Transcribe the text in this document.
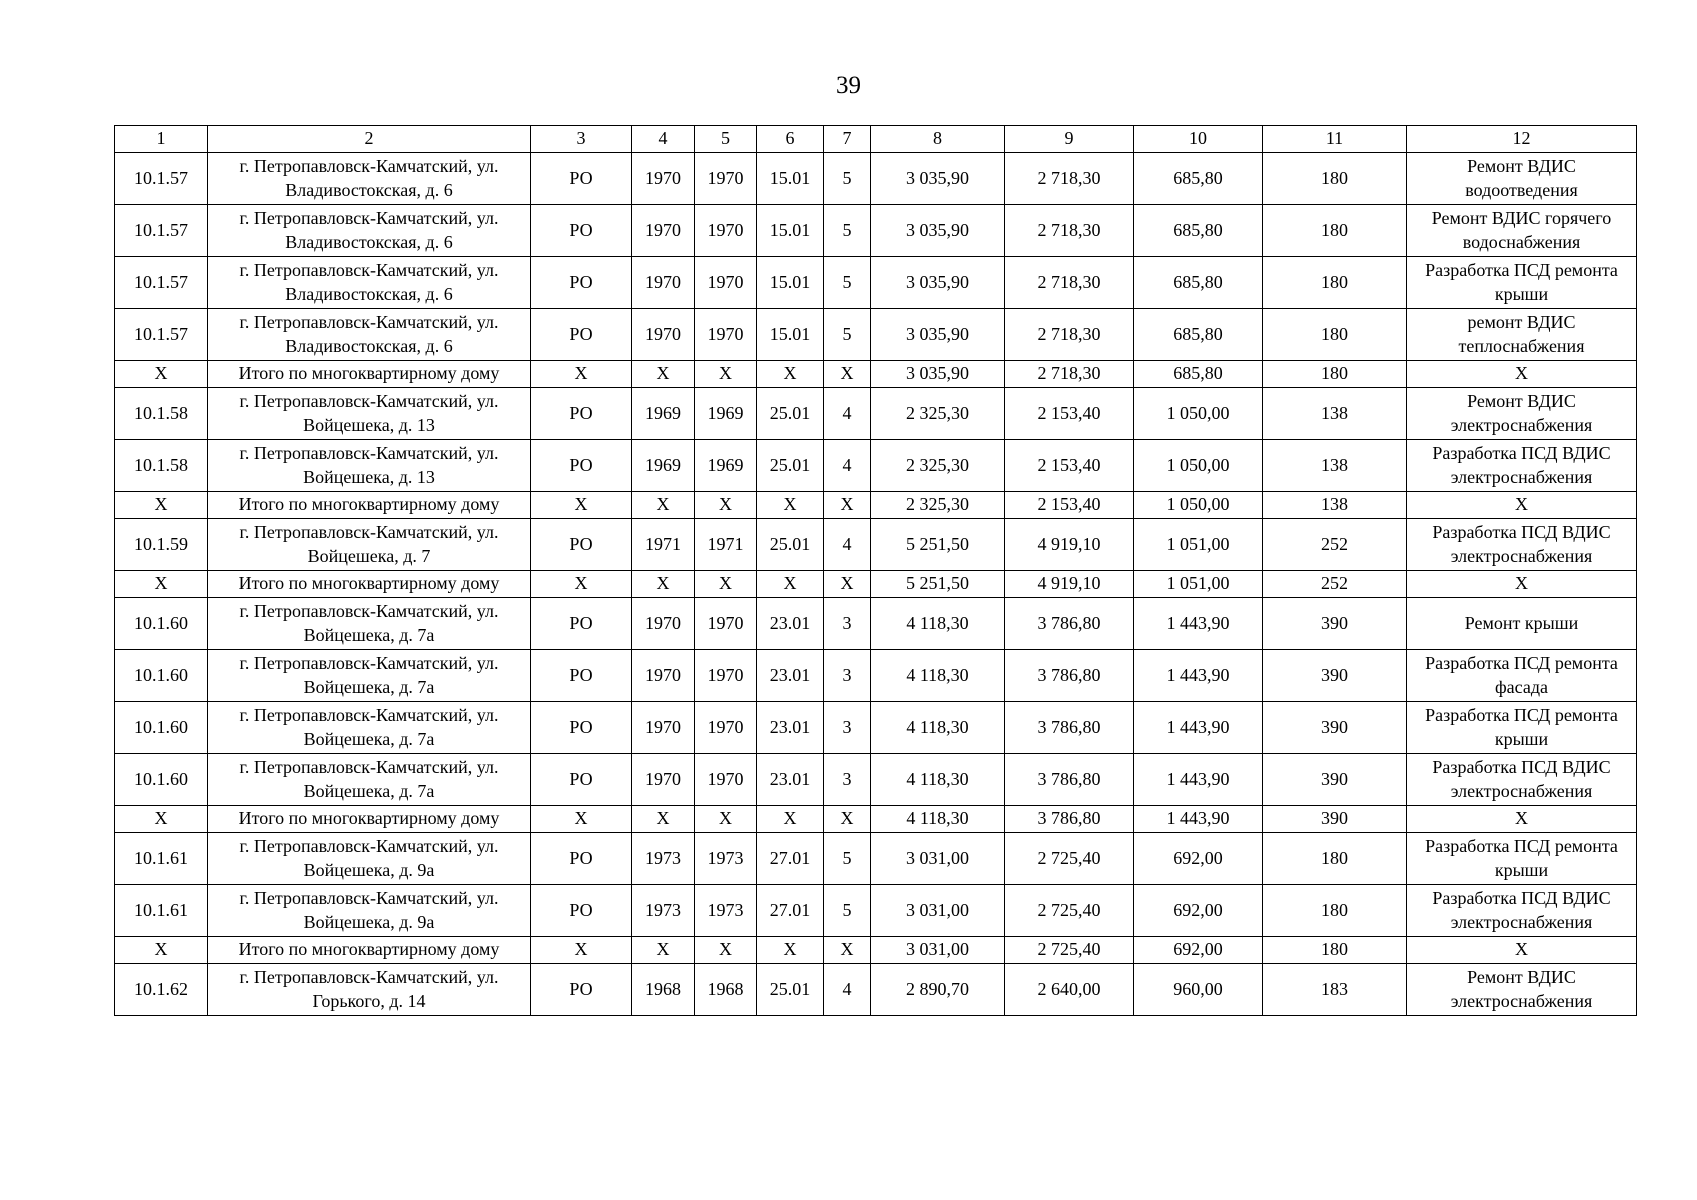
39
1	2	3	4	5	6	7	8	9	10	11	12
10.1.57	г. Петропавловск-Камчатский, ул. Владивостокская, д. 6	РО	1970	1970	15.01	5	3 035,90	2 718,30	685,80	180	Ремонт ВДИС водоотведения
10.1.57	г. Петропавловск-Камчатский, ул. Владивостокская, д. 6	РО	1970	1970	15.01	5	3 035,90	2 718,30	685,80	180	Ремонт ВДИС горячего водоснабжения
10.1.57	г. Петропавловск-Камчатский, ул. Владивостокская, д. 6	РО	1970	1970	15.01	5	3 035,90	2 718,30	685,80	180	Разработка ПСД ремонта крыши
10.1.57	г. Петропавловск-Камчатский, ул. Владивостокская, д. 6	РО	1970	1970	15.01	5	3 035,90	2 718,30	685,80	180	ремонт ВДИС теплоснабжения
X	Итого по многоквартирному дому	X	X	X	X	X	3 035,90	2 718,30	685,80	180	X
10.1.58	г. Петропавловск-Камчатский, ул. Войцешека, д. 13	РО	1969	1969	25.01	4	2 325,30	2 153,40	1 050,00	138	Ремонт ВДИС электроснабжения
10.1.58	г. Петропавловск-Камчатский, ул. Войцешека, д. 13	РО	1969	1969	25.01	4	2 325,30	2 153,40	1 050,00	138	Разработка ПСД ВДИС электроснабжения
X	Итого по многоквартирному дому	X	X	X	X	X	2 325,30	2 153,40	1 050,00	138	X
10.1.59	г. Петропавловск-Камчатский, ул. Войцешека, д. 7	РО	1971	1971	25.01	4	5 251,50	4 919,10	1 051,00	252	Разработка ПСД ВДИС электроснабжения
X	Итого по многоквартирному дому	X	X	X	X	X	5 251,50	4 919,10	1 051,00	252	X
10.1.60	г. Петропавловск-Камчатский, ул. Войцешека, д. 7а	РО	1970	1970	23.01	3	4 118,30	3 786,80	1 443,90	390	Ремонт крыши
10.1.60	г. Петропавловск-Камчатский, ул. Войцешека, д. 7а	РО	1970	1970	23.01	3	4 118,30	3 786,80	1 443,90	390	Разработка ПСД ремонта фасада
10.1.60	г. Петропавловск-Камчатский, ул. Войцешека, д. 7а	РО	1970	1970	23.01	3	4 118,30	3 786,80	1 443,90	390	Разработка ПСД ремонта крыши
10.1.60	г. Петропавловск-Камчатский, ул. Войцешека, д. 7а	РО	1970	1970	23.01	3	4 118,30	3 786,80	1 443,90	390	Разработка ПСД ВДИС электроснабжения
X	Итого по многоквартирному дому	X	X	X	X	X	4 118,30	3 786,80	1 443,90	390	X
10.1.61	г. Петропавловск-Камчатский, ул. Войцешека, д. 9а	РО	1973	1973	27.01	5	3 031,00	2 725,40	692,00	180	Разработка ПСД ремонта крыши
10.1.61	г. Петропавловск-Камчатский, ул. Войцешека, д. 9а	РО	1973	1973	27.01	5	3 031,00	2 725,40	692,00	180	Разработка ПСД ВДИС электроснабжения
X	Итого по многоквартирному дому	X	X	X	X	X	3 031,00	2 725,40	692,00	180	X
10.1.62	г. Петропавловск-Камчатский, ул. Горького, д. 14	РО	1968	1968	25.01	4	2 890,70	2 640,00	960,00	183	Ремонт ВДИС электроснабжения
